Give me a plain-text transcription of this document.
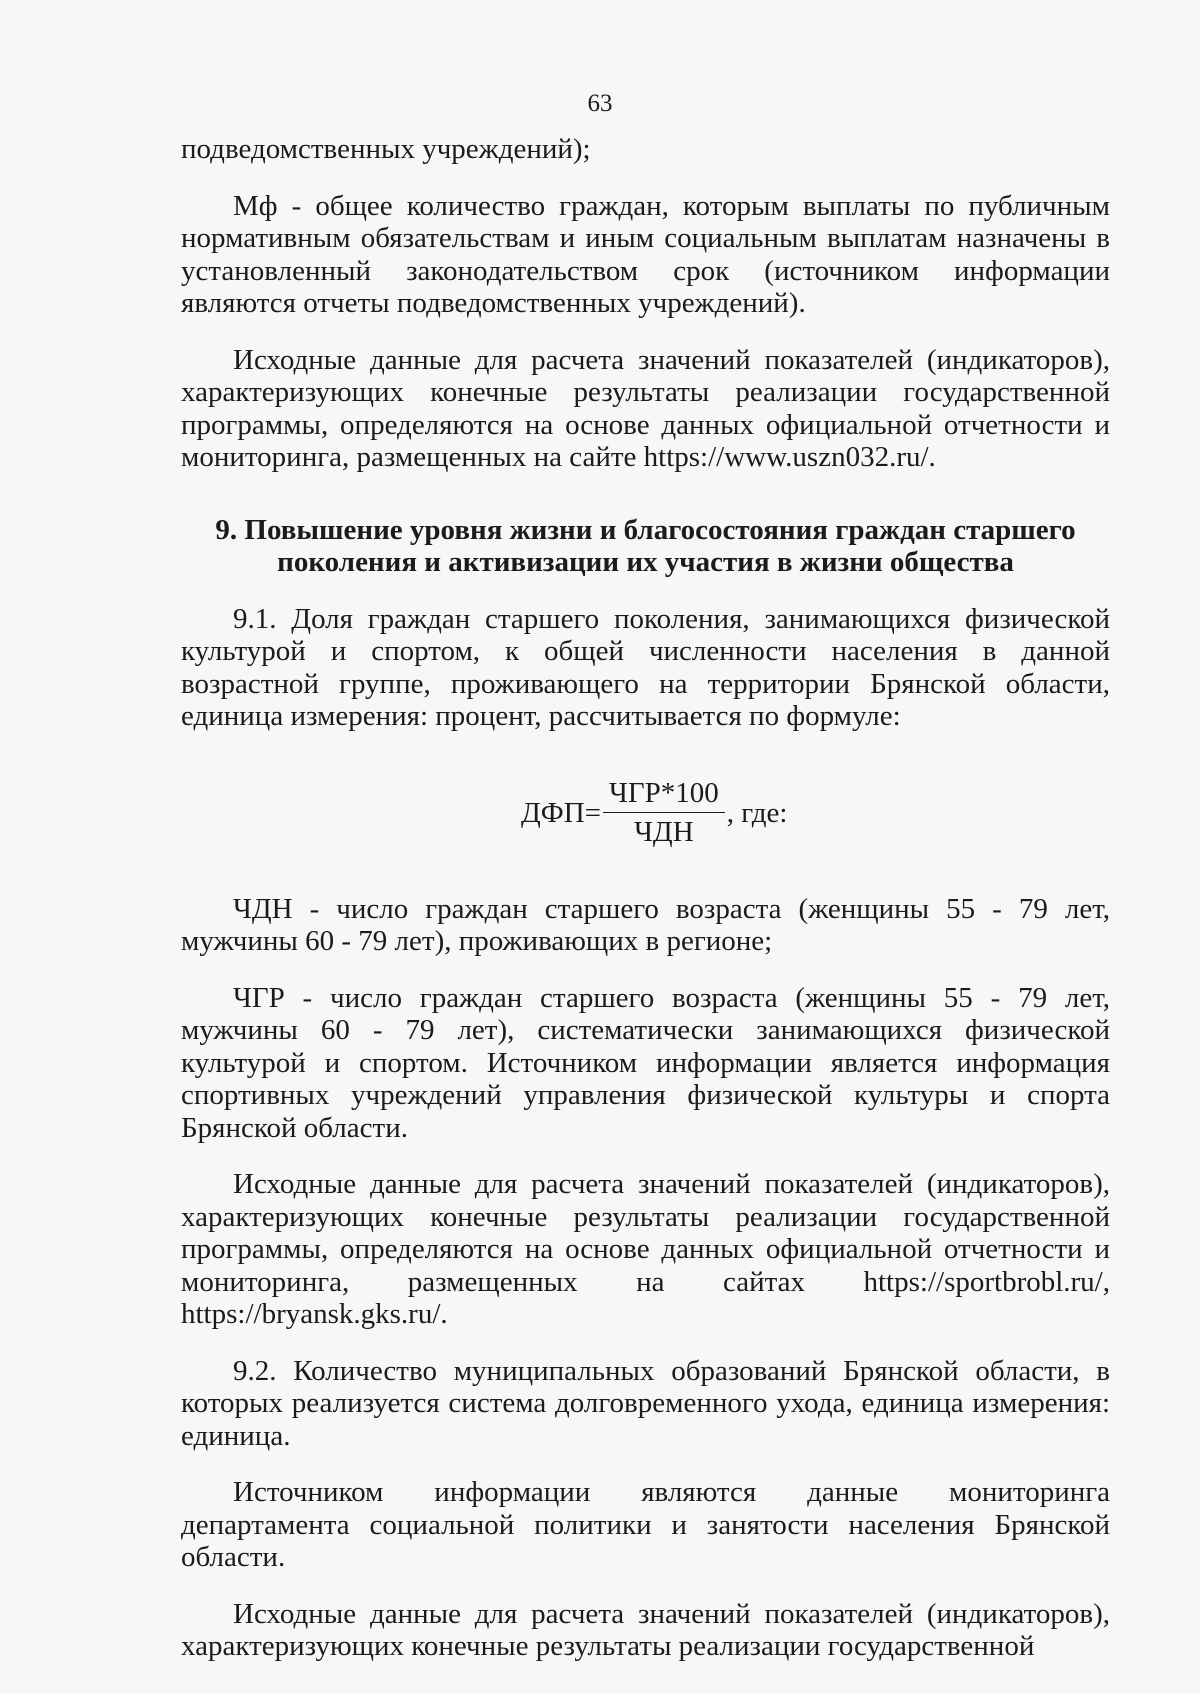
63

подведомственных учреждений);

Мф - общее количество граждан, которым выплаты по публичным нормативным обязательствам и иным социальным выплатам назначены в установленный законодательством срок (источником информации являются отчеты подведомственных учреждений).

Исходные данные для расчета значений показателей (индикаторов), характеризующих конечные результаты реализации государственной программы, определяются на основе данных официальной отчетности и мониторинга, размещенных на сайте https://www.uszn032.ru/.

9. Повышение уровня жизни и благосостояния граждан старшего
поколения и активизации их участия в жизни общества

9.1. Доля граждан старшего поколения, занимающихся физической культурой и спортом, к общей численности населения в данной возрастной группе, проживающего на территории Брянской области, единица измерения: процент, рассчитывается по формуле:

$ДФП= \frac{\text{ЧГР*100}}{\text{ЧДН}}$ , где:

ЧДН - число граждан старшего возраста (женщины 55 - 79 лет, мужчины 60 - 79 лет), проживающих в регионе;

ЧГР - число граждан старшего возраста (женщины 55 - 79 лет, мужчины 60 - 79 лет), систематически занимающихся физической культурой и спортом. Источником информации является информация спортивных учреждений управления физической культуры и спорта Брянской области.

Исходные данные для расчета значений показателей (индикаторов), характеризующих конечные результаты реализации государственной программы, определяются на основе данных официальной отчетности и мониторинга, размещенных на сайтах https://sportbrobl.ru/, https://bryansk.gks.ru/.

9.2. Количество муниципальных образований Брянской области, в которых реализуется система долговременного ухода, единица измерения: единица.

Источником информации являются данные мониторинга департамента социальной политики и занятости населения Брянской области.

Исходные данные для расчета значений показателей (индикаторов), характеризующих конечные результаты реализации государственной
